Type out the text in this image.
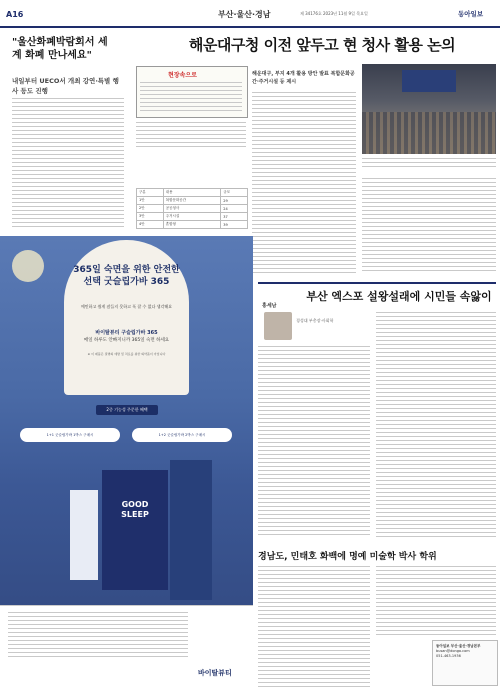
A16	부산·울산·경남	제 34176호 2023년 11월 9일 목요일	동아일보
해운대구청 이전 앞두고 현 청사 활용 논의
"울산화폐박람회서 세계 화폐 만나세요"
내일부터 UECO서 개최 강연·특별 행사 등도 진행
현장속으로
구분	내용	규모
1안	복합문화공간	29
2안	공공청사	24
3안	주거시설	37
4안	혼합형	39
해운대구, 부지 4개 활용 방안 발표 복합문화공간·주거시설 등 제시
365일 숙면을 위한 안전한 선택 굿슬립가바 365
예민하고 쉽게 잠들지 못하고 푹 잘 수 없다 생각해요
바이탈뷰티 구슬립가바 365
매일 하루도 안빠지니까 365일 숙면 하세요
※ 이 제품은 질병의 예방 및 치료를 위한 의약품이 아닙니다
2중 기능성 주문한 혜택
1+1 굿슬립가바 1박스 구매시	1+2 굿슬립가바 2박스 구매시
GOOD SLEEP
바이탈뷰티
부산 엑스포 설왕설래에 시민들 속앓이
홍세남
경성대 부총장·사회학
경남도, 민태호 화백에 명예 미술학 박사 학위
동아일보 부산·울산·경남본부
busan@donga.com
051-463-1936
